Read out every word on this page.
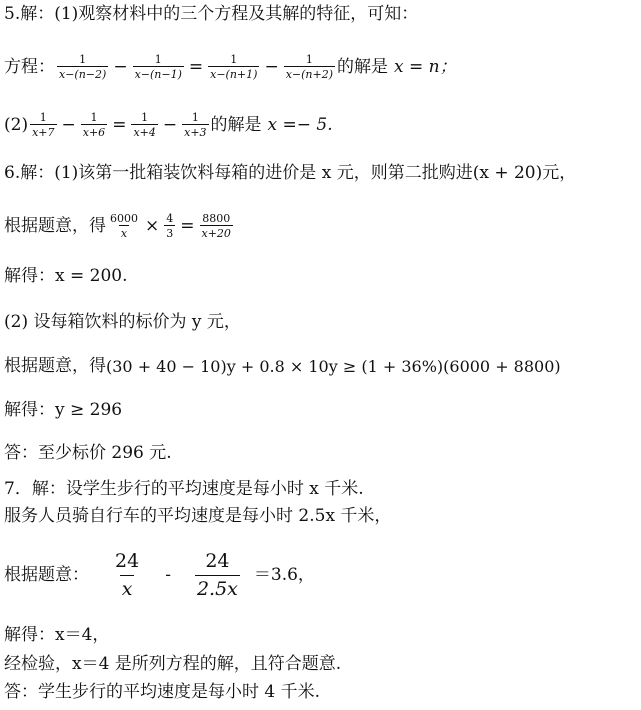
5.解：(1)观察材料中的三个方程及其解的特征，可知：
方程： $\frac{1}{x-(n-2)} - \frac{1}{x-(n-1)} = \frac{1}{x-(n+1)} - \frac{1}{x-(n+2)}$ 的解是 x = n；
$(2) \frac{1}{x+7} - \frac{1}{x+6} = \frac{1}{x+4} - \frac{1}{x+3}$ 的解是 x =− 5.
6.解：(1)该第一批箱装饮料每箱的进价是 x 元，则第二批购进(x + 20)元，
根据题意，得 $\frac{6000}{x} \times \frac{4}{3} = \frac{8800}{x+20}$
解得：x = 200.
(2) 设每箱饮料的标价为 y 元，
根据题意，得 (30 + 40 − 10)y + 0.8 × 10y ≥ (1 + 36%)(6000 + 8800)
解得：y ≥ 296
答：至少标价 296 元.
7．解：设学生步行的平均速度是每小时 x 千米.
服务人员骑自行车的平均速度是每小时 2.5x 千米，
根据题意： $\frac{24}{x} - \frac{24}{2.5x} =3.6$，
解得：x＝4，
经检验，x＝4 是所列方程的解，且符合题意.
答：学生步行的平均速度是每小时 4 千米.
